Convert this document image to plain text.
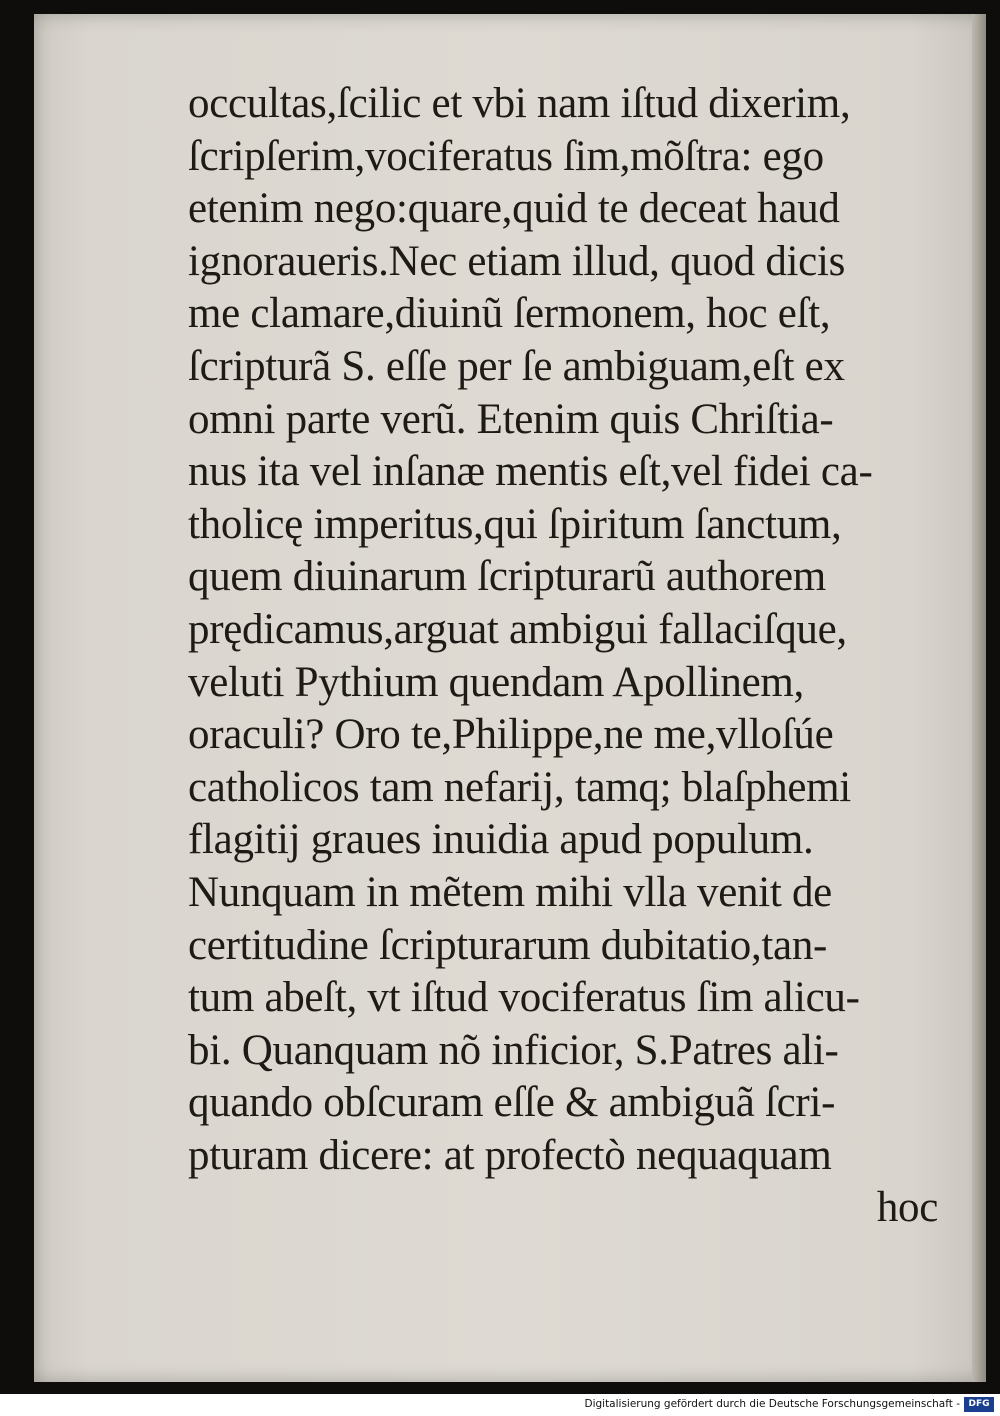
occultas,ſcilic et vbi nam iſtud dixerim,
ſcripſerim,vociferatus ſim,mõſtra: ego
etenim nego:quare,quid te deceat haud
ignoraueris.Nec etiam illud, quod dicis
me clamare,diuinũ ſermonem, hoc eſt,
ſcripturã S. eſſe per ſe ambiguam,eſt ex
omni parte verũ. Etenim quis Chriſtia-
nus ita vel inſanæ mentis eſt,vel fidei ca-
tholicę imperitus,qui ſpiritum ſanctum,
quem diuinarum ſcripturarũ authorem
prędicamus,arguat ambigui fallaciſque,
veluti Pythium quendam Apollinem,
oraculi? Oro te,Philippe,ne me,vlloſúe
catholicos tam nefarij, tamq; blaſphemi
flagitij graues inuidia apud populum.
Nunquam in mẽtem mihi vlla venit de
certitudine ſcripturarum dubitatio,tan-
tum abeſt, vt iſtud vociferatus ſim alicu-
bi. Quanquam nõ inficior, S.Patres ali-
quando obſcuram eſſe & ambiguã ſcri-
pturam dicere: at profectò nequaquam
hoc
Digitalisierung gefördert durch die Deutsche Forschungsgemeinschaft - DFG
